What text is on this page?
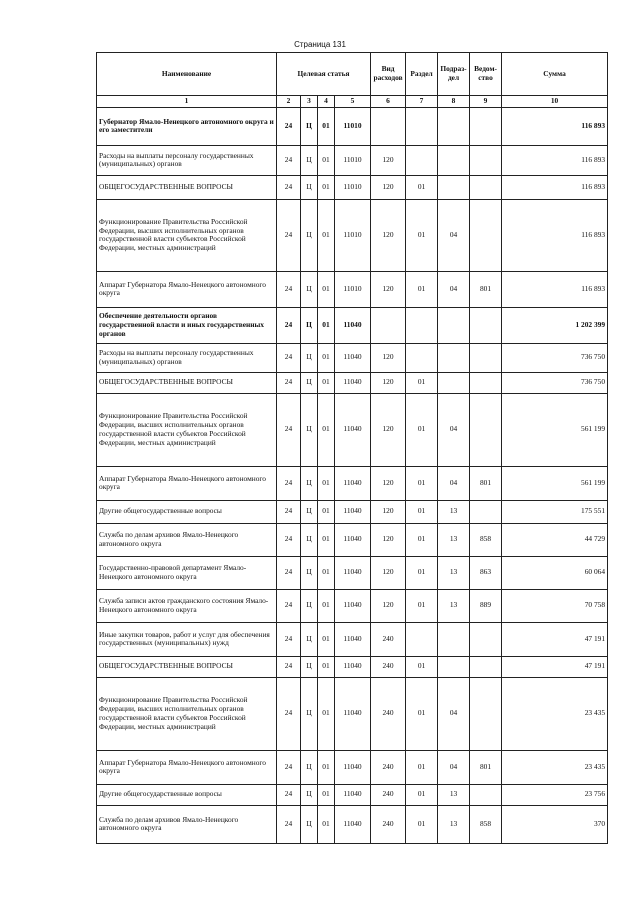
Страница 131
Наименование	Целевая статья				Вид расходов	Раздел	Подраз-дел	Ведом-ство	Сумма
1	2	3	4	5	6	7	8	9	10
Губернатор Ямало-Ненецкого автономного округа и его заместители	24	Ц	01	11010					116 893
Расходы на выплаты персоналу государственных (муниципальных) органов	24	Ц	01	11010	120				116 893
ОБЩЕГОСУДАРСТВЕННЫЕ ВОПРОСЫ	24	Ц	01	11010	120	01			116 893
Функционирование Правительства Российской Федерации, высших исполнительных органов государственной власти субъектов Российской Федерации, местных администраций	24	Ц	01	11010	120	01	04		116 893
Аппарат Губернатора Ямало-Ненецкого автономного округа	24	Ц	01	11010	120	01	04	801	116 893
Обеспечение деятельности органов государственной власти и иных государственных органов	24	Ц	01	11040					1 202 399
Расходы на выплаты персоналу государственных (муниципальных) органов	24	Ц	01	11040	120				736 750
ОБЩЕГОСУДАРСТВЕННЫЕ ВОПРОСЫ	24	Ц	01	11040	120	01			736 750
Функционирование Правительства Российской Федерации, высших исполнительных органов государственной власти субъектов Российской Федерации, местных администраций	24	Ц	01	11040	120	01	04		561 199
Аппарат Губернатора Ямало-Ненецкого автономного округа	24	Ц	01	11040	120	01	04	801	561 199
Другие общегосударственные вопросы	24	Ц	01	11040	120	01	13		175 551
Служба по делам архивов Ямало-Ненецкого автономного округа	24	Ц	01	11040	120	01	13	858	44 729
Государственно-правовой департамент Ямало-Ненецкого автономного округа	24	Ц	01	11040	120	01	13	863	60 064
Служба записи актов гражданского состояния Ямало-Ненецкого автономного округа	24	Ц	01	11040	120	01	13	889	70 758
Иные закупки товаров, работ и услуг для обеспечения государственных (муниципальных) нужд	24	Ц	01	11040	240				47 191
ОБЩЕГОСУДАРСТВЕННЫЕ ВОПРОСЫ	24	Ц	01	11040	240	01			47 191
Функционирование Правительства Российской Федерации, высших исполнительных органов государственной власти субъектов Российской Федерации, местных администраций	24	Ц	01	11040	240	01	04		23 435
Аппарат Губернатора Ямало-Ненецкого автономного округа	24	Ц	01	11040	240	01	04	801	23 435
Другие общегосударственные вопросы	24	Ц	01	11040	240	01	13		23 756
Служба по делам архивов Ямало-Ненецкого автономного округа	24	Ц	01	11040	240	01	13	858	370
